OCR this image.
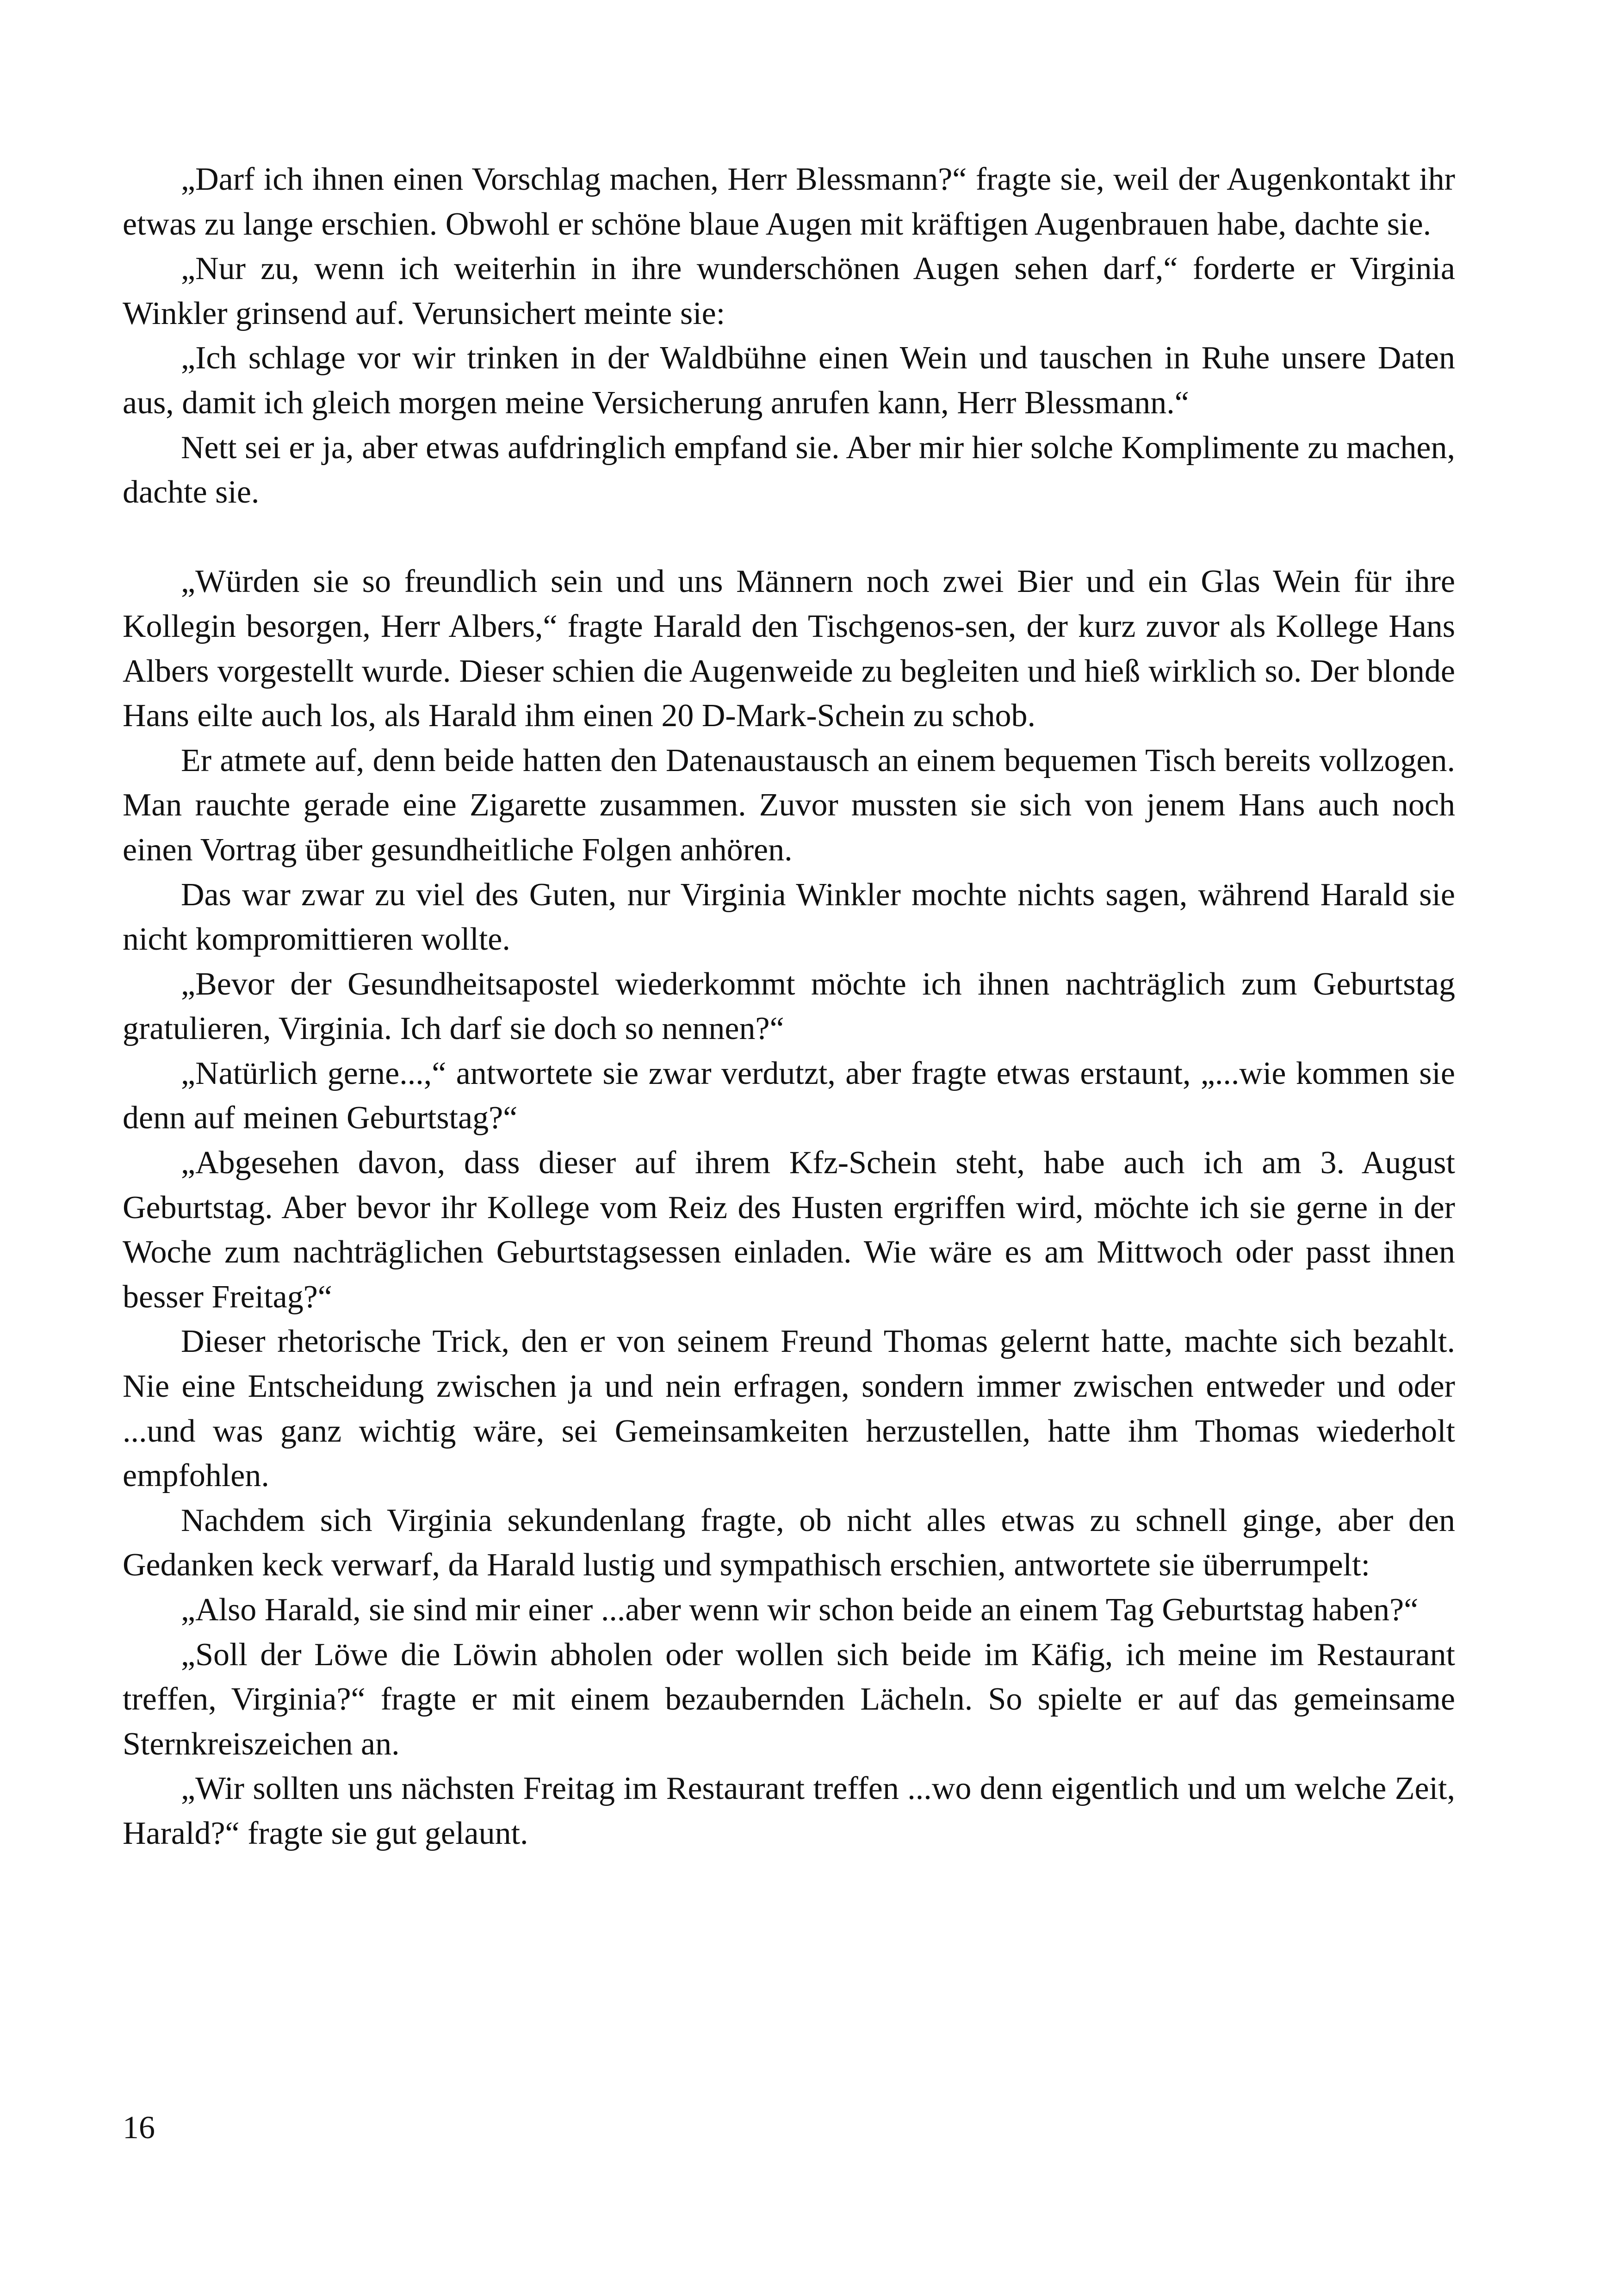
„Darf ich ihnen einen Vorschlag machen, Herr Blessmann?“ fragte sie, weil der Augenkontakt ihr etwas zu lange erschien. Obwohl er schöne blaue Augen mit kräftigen Augenbrauen habe, dachte sie.

„Nur zu, wenn ich weiterhin in ihre wunderschönen Augen sehen darf,“ forderte er Virginia Winkler grinsend auf. Verunsichert meinte sie:

„Ich schlage vor wir trinken in der Waldbühne einen Wein und tauschen in Ruhe unsere Daten aus, damit ich gleich morgen meine Versicherung anrufen kann, Herr Blessmann.“

Nett sei er ja, aber etwas aufdringlich empfand sie. Aber mir hier solche Komplimente zu machen, dachte sie.

„Würden sie so freundlich sein und uns Männern noch zwei Bier und ein Glas Wein für ihre Kollegin besorgen, Herr Albers,“ fragte Harald den Tischgenos-sen, der kurz zuvor als Kollege Hans Albers vorgestellt wurde. Dieser schien die Augenweide zu begleiten und hieß wirklich so. Der blonde Hans eilte auch los, als Harald ihm einen 20 D-Mark-Schein zu schob.

Er atmete auf, denn beide hatten den Datenaustausch an einem bequemen Tisch bereits vollzogen. Man rauchte gerade eine Zigarette zusammen. Zuvor mussten sie sich von jenem Hans auch noch einen Vortrag über gesundheitliche Folgen anhören.

Das war zwar zu viel des Guten, nur Virginia Winkler mochte nichts sagen, während Harald sie nicht kompromittieren wollte.

„Bevor der Gesundheitsapostel wiederkommt möchte ich ihnen nachträglich zum Geburtstag gratulieren, Virginia. Ich darf sie doch so nennen?“

„Natürlich gerne...,“ antwortete sie zwar verdutzt, aber fragte etwas erstaunt, „...wie kommen sie denn auf meinen Geburtstag?“

„Abgesehen davon, dass dieser auf ihrem Kfz-Schein steht, habe auch ich am 3. August Geburtstag. Aber bevor ihr Kollege vom Reiz des Husten ergriffen wird, möchte ich sie gerne in der Woche zum nachträglichen Geburtstagsessen einladen. Wie wäre es am Mittwoch oder passt ihnen besser Freitag?“

Dieser rhetorische Trick, den er von seinem Freund Thomas gelernt hatte, machte sich bezahlt. Nie eine Entscheidung zwischen ja und nein erfragen, sondern immer zwischen entweder und oder ...und was ganz wichtig wäre, sei Gemeinsamkeiten herzustellen, hatte ihm Thomas wiederholt empfohlen.

Nachdem sich Virginia sekundenlang fragte, ob nicht alles etwas zu schnell ginge, aber den Gedanken keck verwarf, da Harald lustig und sympathisch erschien, antwortete sie überrumpelt:

„Also Harald, sie sind mir einer ...aber wenn wir schon beide an einem Tag Geburtstag haben?“

„Soll der Löwe die Löwin abholen oder wollen sich beide im Käfig, ich meine im Restaurant treffen, Virginia?“ fragte er mit einem bezaubernden Lächeln. So spielte er auf das gemeinsame Sternkreiszeichen an.

„Wir sollten uns nächsten Freitag im Restaurant treffen ...wo denn eigentlich und um welche Zeit, Harald?“ fragte sie gut gelaunt.

16
